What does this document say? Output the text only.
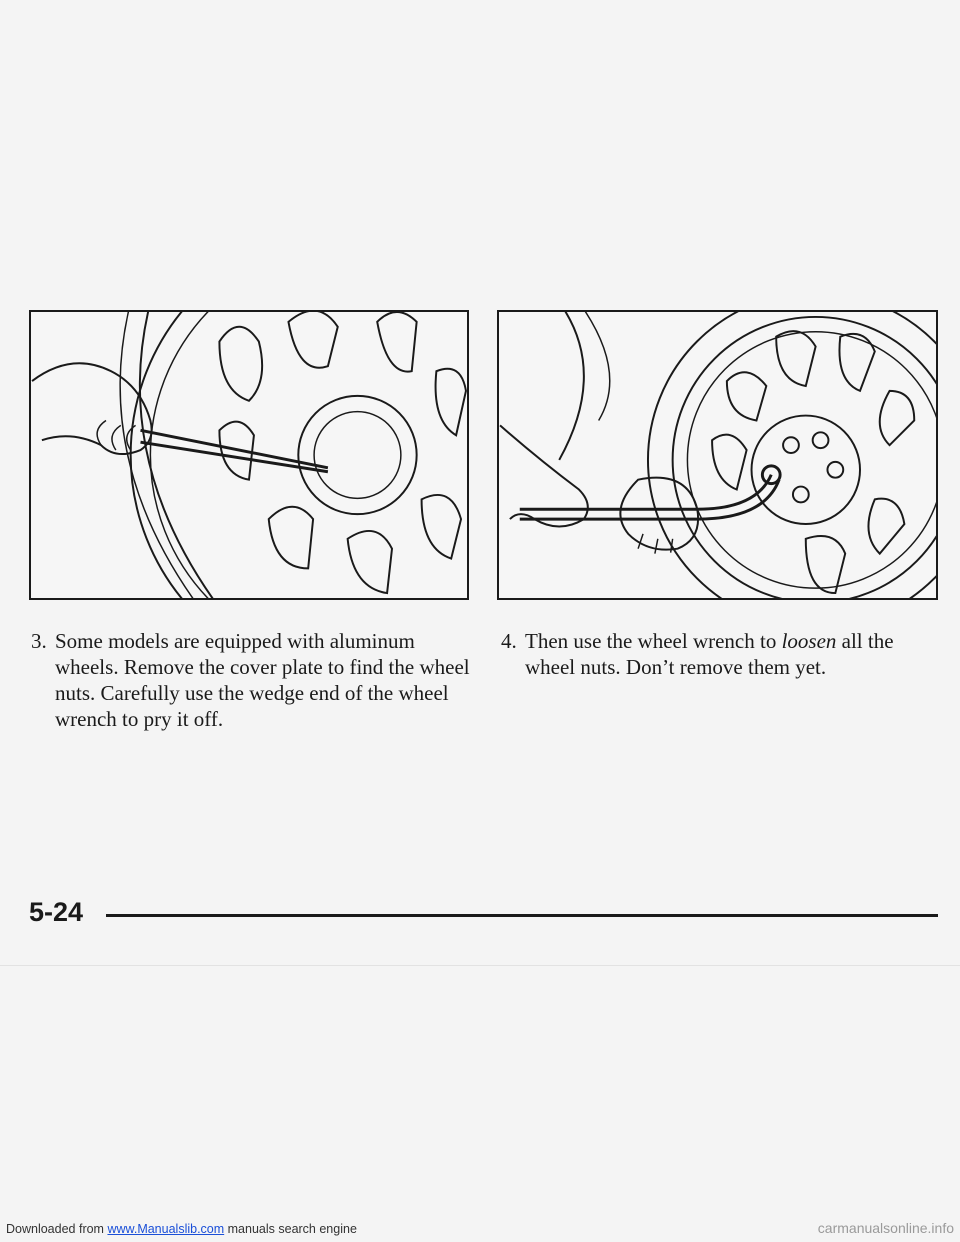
3. Some models are equipped with aluminum wheels. Remove the cover plate to find the wheel nuts. Carefully use the wedge end of the wheel wrench to pry it off.
4. Then use the wheel wrench to loosen all the wheel nuts. Don’t remove them yet.
5-24
Downloaded from www.Manualslib.com manuals search engine	carmanualsonline.info
